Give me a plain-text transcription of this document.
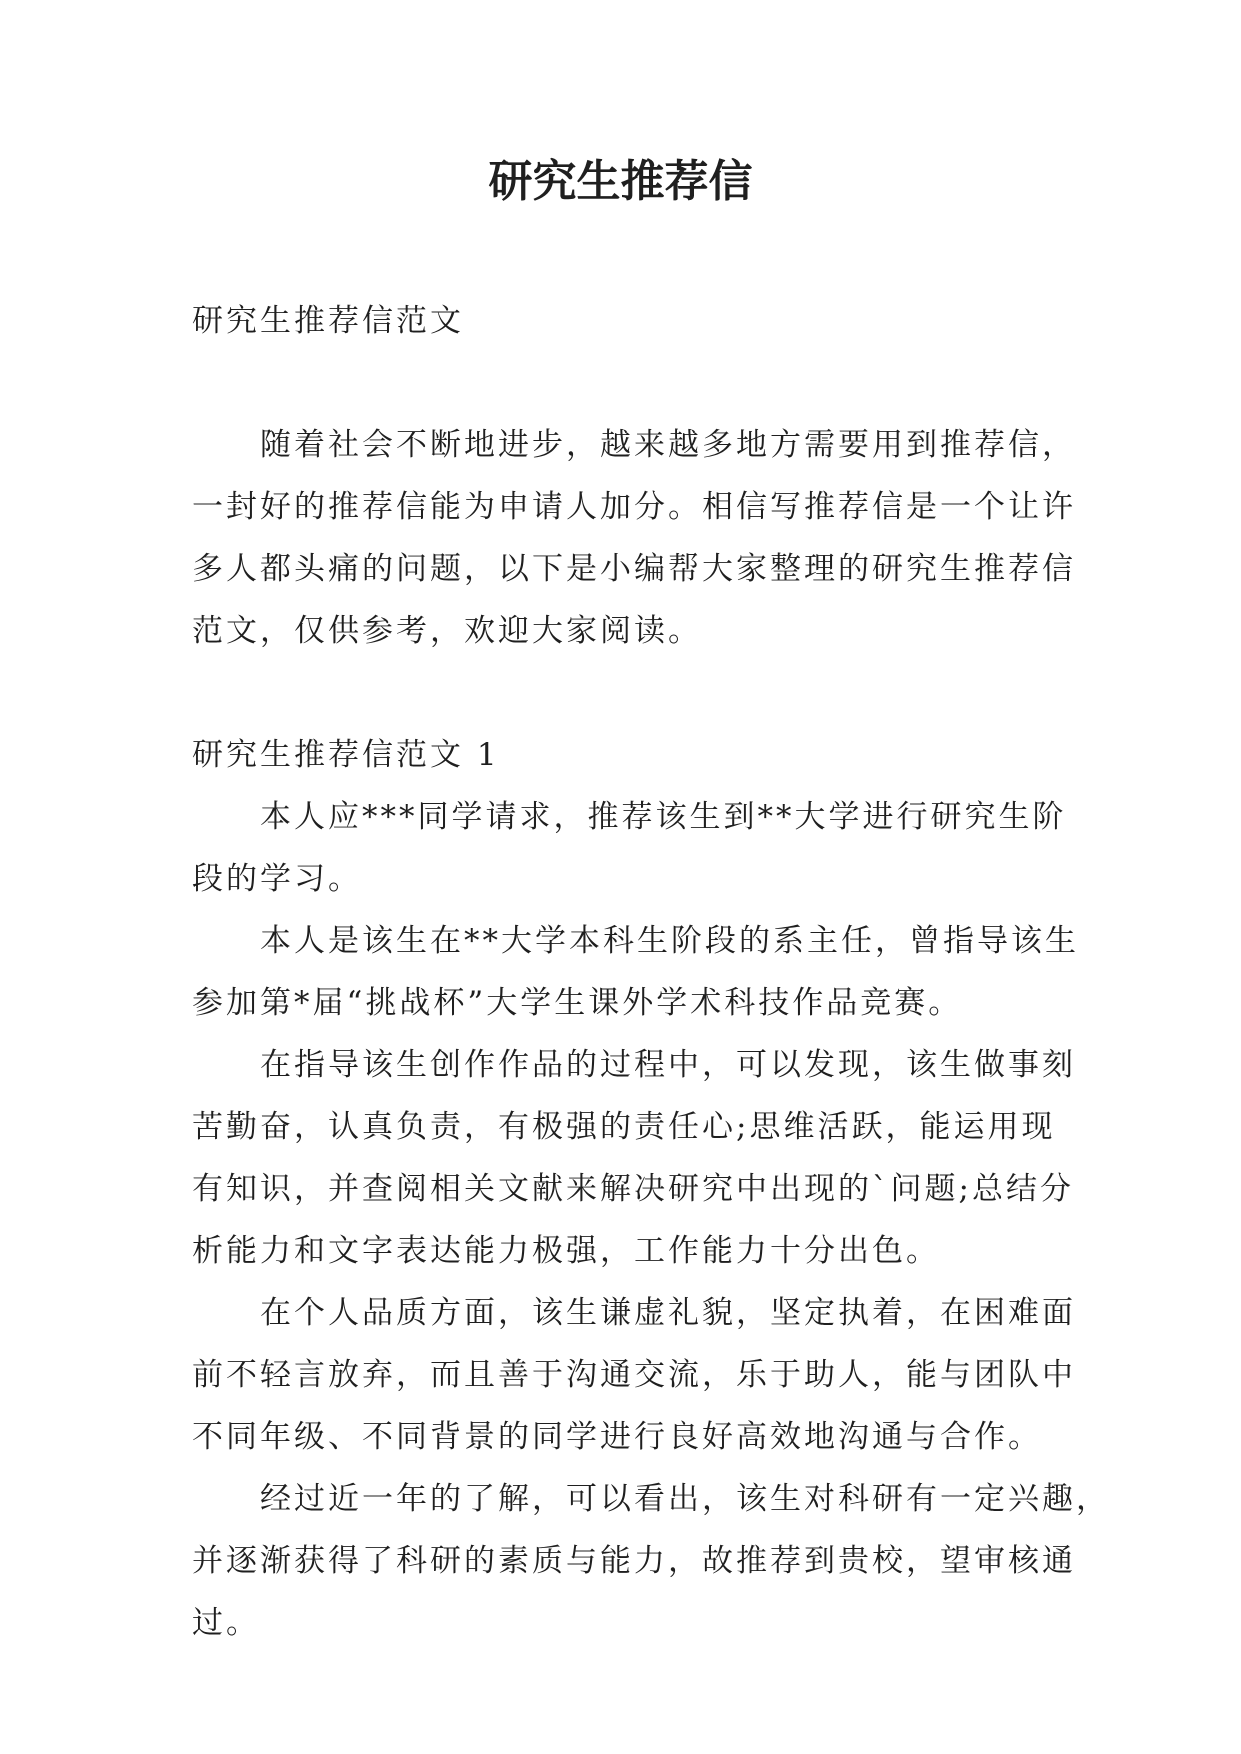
研究生推荐信

研究生推荐信范文

随着社会不断地进步，越来越多地方需要用到推荐信，

一封好的推荐信能为申请人加分。相信写推荐信是一个让许

多人都头痛的问题，以下是小编帮大家整理的研究生推荐信

范文，仅供参考，欢迎大家阅读。

研究生推荐信范文 1

本人应***同学请求，推荐该生到**大学进行研究生阶

段的学习。

本人是该生在**大学本科生阶段的系主任，曾指导该生

参加第*届“挑战杯”大学生课外学术科技作品竞赛。

在指导该生创作作品的过程中，可以发现，该生做事刻

苦勤奋，认真负责，有极强的责任心;思维活跃，能运用现

有知识，并查阅相关文献来解决研究中出现的`问题;总结分

析能力和文字表达能力极强，工作能力十分出色。

在个人品质方面，该生谦虚礼貌，坚定执着，在困难面

前不轻言放弃，而且善于沟通交流，乐于助人，能与团队中

不同年级、不同背景的同学进行良好高效地沟通与合作。

经过近一年的了解，可以看出，该生对科研有一定兴趣，

并逐渐获得了科研的素质与能力，故推荐到贵校，望审核通

过。
